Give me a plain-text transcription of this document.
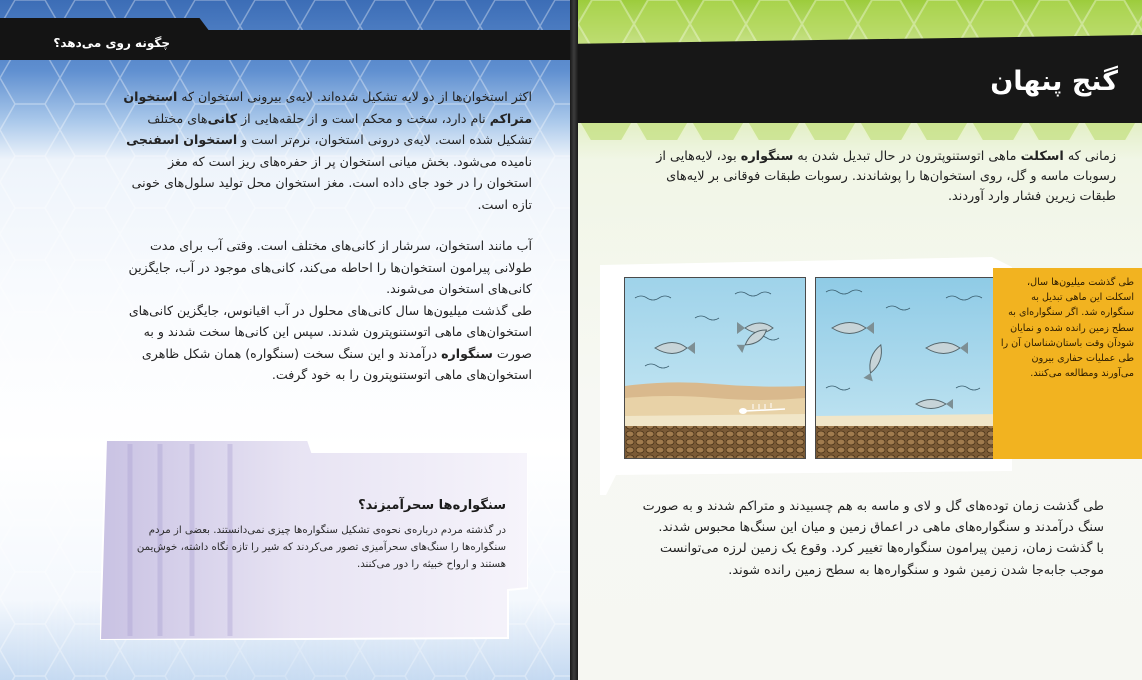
چگونه روی می‌دهد؟

اکثر استخوان‌ها از دو لایه تشکیل شده‌اند. لایه‌ی بیرونی استخوان که استخوان متراکم نام دارد، سخت و محکم است و از حلقه‌هایی از کانی‌های مختلف تشکیل شده است. لایه‌ی درونی استخوان، نرم‌تر است و استخوان اسفنجی نامیده می‌شود. بخش میانی استخوان پر از حفره‌های ریز است که مغز استخوان را در خود جای داده است. مغز استخوان محل تولید سلول‌های خونی تازه است.

آب مانند استخوان، سرشار از کانی‌های مختلف است. وقتی آب برای مدت طولانی پیرامون استخوان‌ها را احاطه می‌کند، کانی‌های موجود در آب، جایگزین کانی‌های استخوان می‌شوند.

طی گذشت میلیون‌ها سال کانی‌های محلول در آب اقیانوس، جایگزین کانی‌های استخوان‌های ماهی اتوستنوپترون شدند. سپس این کانی‌ها سخت شدند و به صورت سنگواره درآمدند و این سنگ سخت (سنگواره) همان شکل ظاهری استخوان‌های ماهی اتوستنوپترون را به خود گرفت.

سنگواره‌ها سحرآمیزند؟
در گذشته مردم درباره‌ی نحوه‌ی تشکیل سنگواره‌ها چیزی نمی‌دانستند. بعضی از مردم سنگواره‌ها را سنگ‌های سحرآمیزی تصور می‌کردند که شیر را تازه نگاه داشته، خوش‌یمن هستند و ارواح خبیثه را دور می‌کنند.
گنج پنهان
زمانی که اسکلت ماهی اتوستنوپترون در حال تبدیل شدن به سنگواره بود، لایه‌هایی از رسوبات ماسه و گل، روی استخوان‌ها را پوشاندند. رسوبات طبقات فوقانی بر لایه‌های طبقات زیرین فشار وارد آوردند.

طی گذشت زمان توده‌های گل و لای و ماسه به هم چسبیدند و متراکم شدند و به صورت سنگ درآمدند و سنگواره‌های ماهی در اعماق زمین و میان این سنگ‌ها محبوس شدند.

با گذشت زمان، زمین پیرامون سنگواره‌ها تغییر کرد. وقوع یک زمین لرزه می‌توانست موجب جابه‌جا شدن زمین شود و سنگواره‌ها به سطح زمین رانده شوند.

طی گذشت میلیون‌ها سال، اسکلت این ماهی تبدیل به سنگواره شد. اگر سنگواره‌ای به سطح زمین رانده شده و نمایان شودآن وقت باستان‌شناسان آن را طی عملیات حفاری بیرون می‌آورند ومطالعه می‌کنند.
